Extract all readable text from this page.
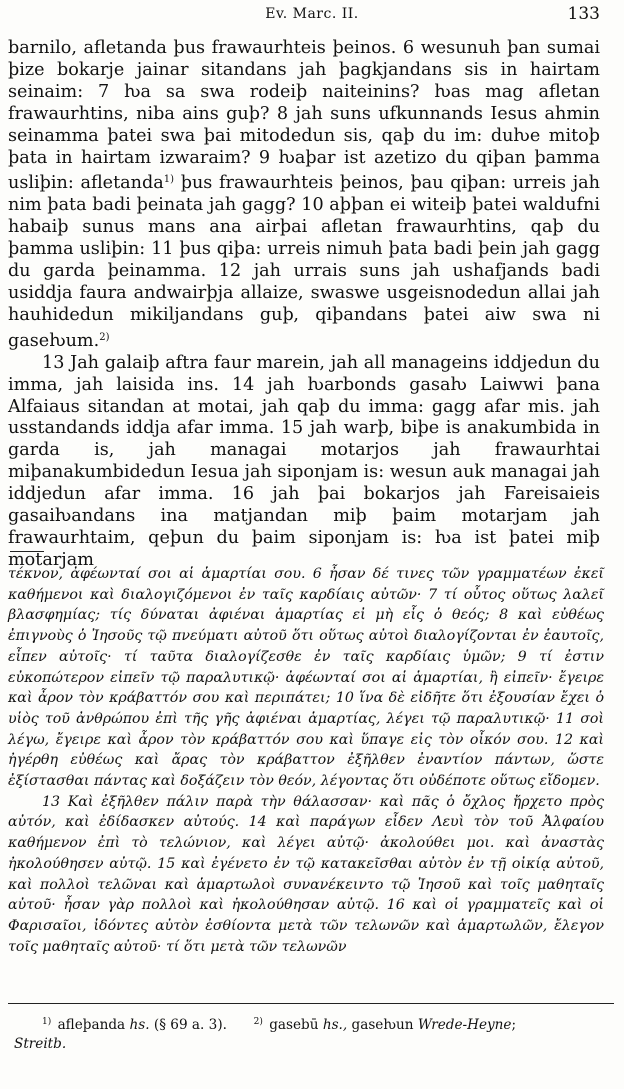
Ev. Marc. II.	133

barnilo, afletanda þus frawaurhteis þeinos. 6 wesunuh þan sumai þize bokarje jainar sitandans jah þagkjandans sis in hairtam seinaim: 7 ƕa sa swa rodeiþ naiteinins? ƕas mag afletan frawaurhtins, niba ains guþ? 8 jah suns ufkunnands Iesus ahmin seinamma þatei swa þai mitodedun sis, qaþ du im: duƕe mitoþ þata in hairtam izwaraim? 9 ƕaþar ist azetizo du qiþan þamma usliþin: afletanda$^{1)}$ þus frawaurhteis þeinos, þau qiþan: urreis jah nim þata badi þeinata jah gagg? 10 aþþan ei witeiþ þatei waldufni habaiþ sunus mans ana airþai afletan frawaurhtins, qaþ du þamma usliþin: 11 þus qiþa: urreis nimuh þata badi þein jah gagg du garda þeinamma. 12 jah urrais suns jah ushafjands badi usiddja faura andwairþja allaize, swaswe usgeisnodedun allai jah hauhidedun mikiljandans guþ, qiþandans þatei aiw swa ni gaseƕum.$^{2)}$

13 Jah galaiþ aftra faur marein, jah all manageins iddjedun du imma, jah laisida ins. 14 jah ƕarbonds gasaƕ Laiwwi þana Alfaiaus sitandan at motai, jah qaþ du imma: gagg afar mis. jah usstandands iddja afar imma. 15 jah warþ, biþe is anakumbida in garda is, jah managai motarjos jah frawaurhtai miþanakumbidedun Iesua jah siponjam is: wesun auk managai jah iddjedun afar imma. 16 jah þai bokarjos jah Fareisaieis gasaiƕandans ina matjandan miþ þaim motarjam jah frawaurhtaim, qeþun du þaim siponjam is: ƕa ist þatei miþ motarjam

τέκνον, ἀφέωνταί σοι αἱ ἁμαρτίαι σου. 6 ἦσαν δέ τινες τῶν γραμματέων ἐκεῖ καθήμενοι καὶ διαλογιζόμενοι ἐν ταῖς καρδίαις αὐτῶν· 7 τί οὗτος οὕτως λαλεῖ βλασφημίας; τίς δύναται ἀφιέναι ἁμαρτίας εἰ μὴ εἷς ὁ θεός; 8 καὶ εὐθέως ἐπιγνοὺς ὁ Ἰησοῦς τῷ πνεύματι αὐτοῦ ὅτι οὕτως αὐτοὶ διαλογίζονται ἐν ἑαυτοῖς, εἶπεν αὐτοῖς· τί ταῦτα διαλογίζεσθε ἐν ταῖς καρδίαις ὑμῶν; 9 τί ἐστιν εὐκοπώτερον εἰπεῖν τῷ παραλυτικῷ· ἀφέωνταί σοι αἱ ἁμαρτίαι, ἢ εἰπεῖν· ἔγειρε καὶ ἆρον τὸν κράβαττόν σου καὶ περιπάτει; 10 ἵνα δὲ εἰδῆτε ὅτι ἐξουσίαν ἔχει ὁ υἱὸς τοῦ ἀνθρώπου ἐπὶ τῆς γῆς ἀφιέναι ἁμαρτίας, λέγει τῷ παραλυτικῷ· 11 σοὶ λέγω, ἔγειρε καὶ ἆρον τὸν κράβαττόν σου καὶ ὕπαγε εἰς τὸν οἶκόν σου. 12 καὶ ἠγέρθη εὐθέως καὶ ἄρας τὸν κράβαττον ἐξῆλθεν ἐναντίον πάντων, ὥστε ἐξίστασθαι πάντας καὶ δοξάζειν τὸν θεόν, λέγοντας ὅτι οὐδέποτε οὕτως εἴδομεν.

13 Καὶ ἐξῆλθεν πάλιν παρὰ τὴν θάλασσαν· καὶ πᾶς ὁ ὄχλος ἤρχετο πρὸς αὐτόν, καὶ ἐδίδασκεν αὐτούς. 14 καὶ παράγων εἶδεν Λευὶ τὸν τοῦ Ἀλφαίου καθήμενον ἐπὶ τὸ τελώνιον, καὶ λέγει αὐτῷ· ἀκολούθει μοι. καὶ ἀναστὰς ἠκολούθησεν αὐτῷ. 15 καὶ ἐγένετο ἐν τῷ κατακεῖσθαι αὐτὸν ἐν τῇ οἰκίᾳ αὐτοῦ, καὶ πολλοὶ τελῶναι καὶ ἁμαρτωλοὶ συνανέκειντο τῷ Ἰησοῦ καὶ τοῖς μαθηταῖς αὐτοῦ· ἦσαν γὰρ πολλοὶ καὶ ἠκολούθησαν αὐτῷ. 16 καὶ οἱ γραμματεῖς καὶ οἱ Φαρισαῖοι, ἰδόντες αὐτὸν ἐσθίοντα μετὰ τῶν τελωνῶν καὶ ἁμαρτωλῶν, ἔλεγον τοῖς μαθηταῖς αὐτοῦ· τί ὅτι μετὰ τῶν τελωνῶν

$^{1)}$ afleþanda hs. (§ 69 a. 3).	$^{2)}$ gasebū hs., gaseƕun Wrede-Heyne;
Streitb.
